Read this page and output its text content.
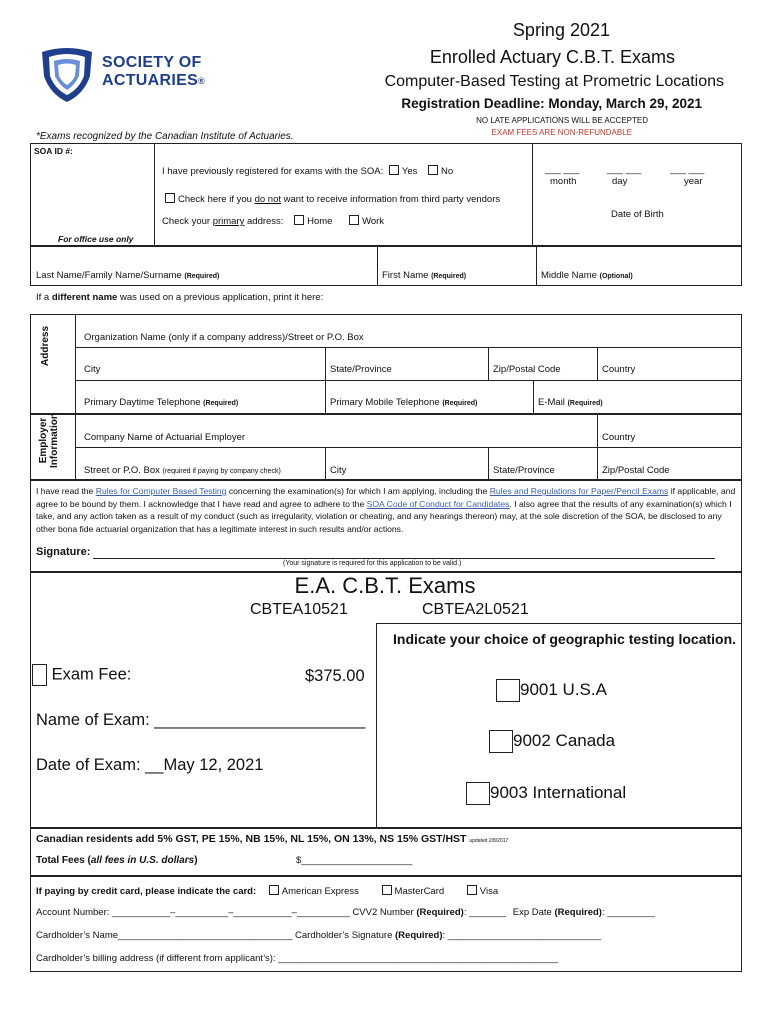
SOCIETY OF
ACTUARIES®
Spring 2021
Enrolled Actuary C.B.T. Exams
Computer-Based Testing at Prometric Locations
Registration Deadline: Monday, March 29, 2021
NO LATE APPLICATIONS WILL BE ACCEPTED
EXAM FEES ARE NON-REFUNDABLE
*Exams recognized by the Canadian Institute of Actuaries.
SOA ID #:
For office use only
I have previously registered for exams with the SOA: Yes No
Check here if you do not want to receive information from third party vendors
Check your primary address: Home	Work
___ ___	___ ___	___ ___
month	day	year
Date of Birth
Last Name/Family Name/Surname (Required)	First Name (Required)	Middle Name (Optional)
If a different name was used on a previous application, print it here:
Address	Organization Name (only if a company address)/Street or P.O. Box
City	State/Province	Zip/Postal Code	Country
Primary Daytime Telephone (Required)	Primary Mobile Telephone (Required)	E-Mail (Required)
Employer Information	Company Name of Actuarial Employer	Country
Street or P.O. Box (required if paying by company check)	City	State/Province	Zip/Postal Code
I have read the Rules for Computer Based Testing concerning the examination(s) for which I am applying, including the Rules and Regulations for Paper/Pencil Exams if applicable, and agree to be bound by them. I acknowledge that I have read and agree to adhere to the SOA Code of Conduct for Candidates. I also agree that the results of any examination(s) which I take, and any action taken as a result of my conduct (such as irregularity, violation or cheating, and any hearings thereon) may, at the sole discretion of the SOA, be disclosed to any other bona fide actuarial organization that has a legitimate interest in such results and/or actions.
Signature:
(Your signature is required for this application to be valid.)
E.A. C.B.T. Exams
CBTEA10521	CBTEA2L0521
Exam Fee:	$375.00
Name of Exam: _______________________
Date of Exam: __May 12, 2021
Indicate your choice of geographic testing location.
9001 U.S.A
9002 Canada
9003 International
Canadian residents add 5% GST, PE 15%, NB 15%, NL 15%, ON 13%, NS 15% GST/HST updated 2/8/2017
Total Fees (all fees in U.S. dollars)	$_____________________
If paying by credit card, please indicate the card:	American Express	MasterCard	Visa
Account Number: ___________–__________–___________–__________ CVV2 Number (Required): _______ Exp Date (Required): _________
Cardholder’s Name_________________________________ Cardholder’s Signature (Required): _____________________________
Cardholder’s billing address (if different from applicant’s): _____________________________________________________
